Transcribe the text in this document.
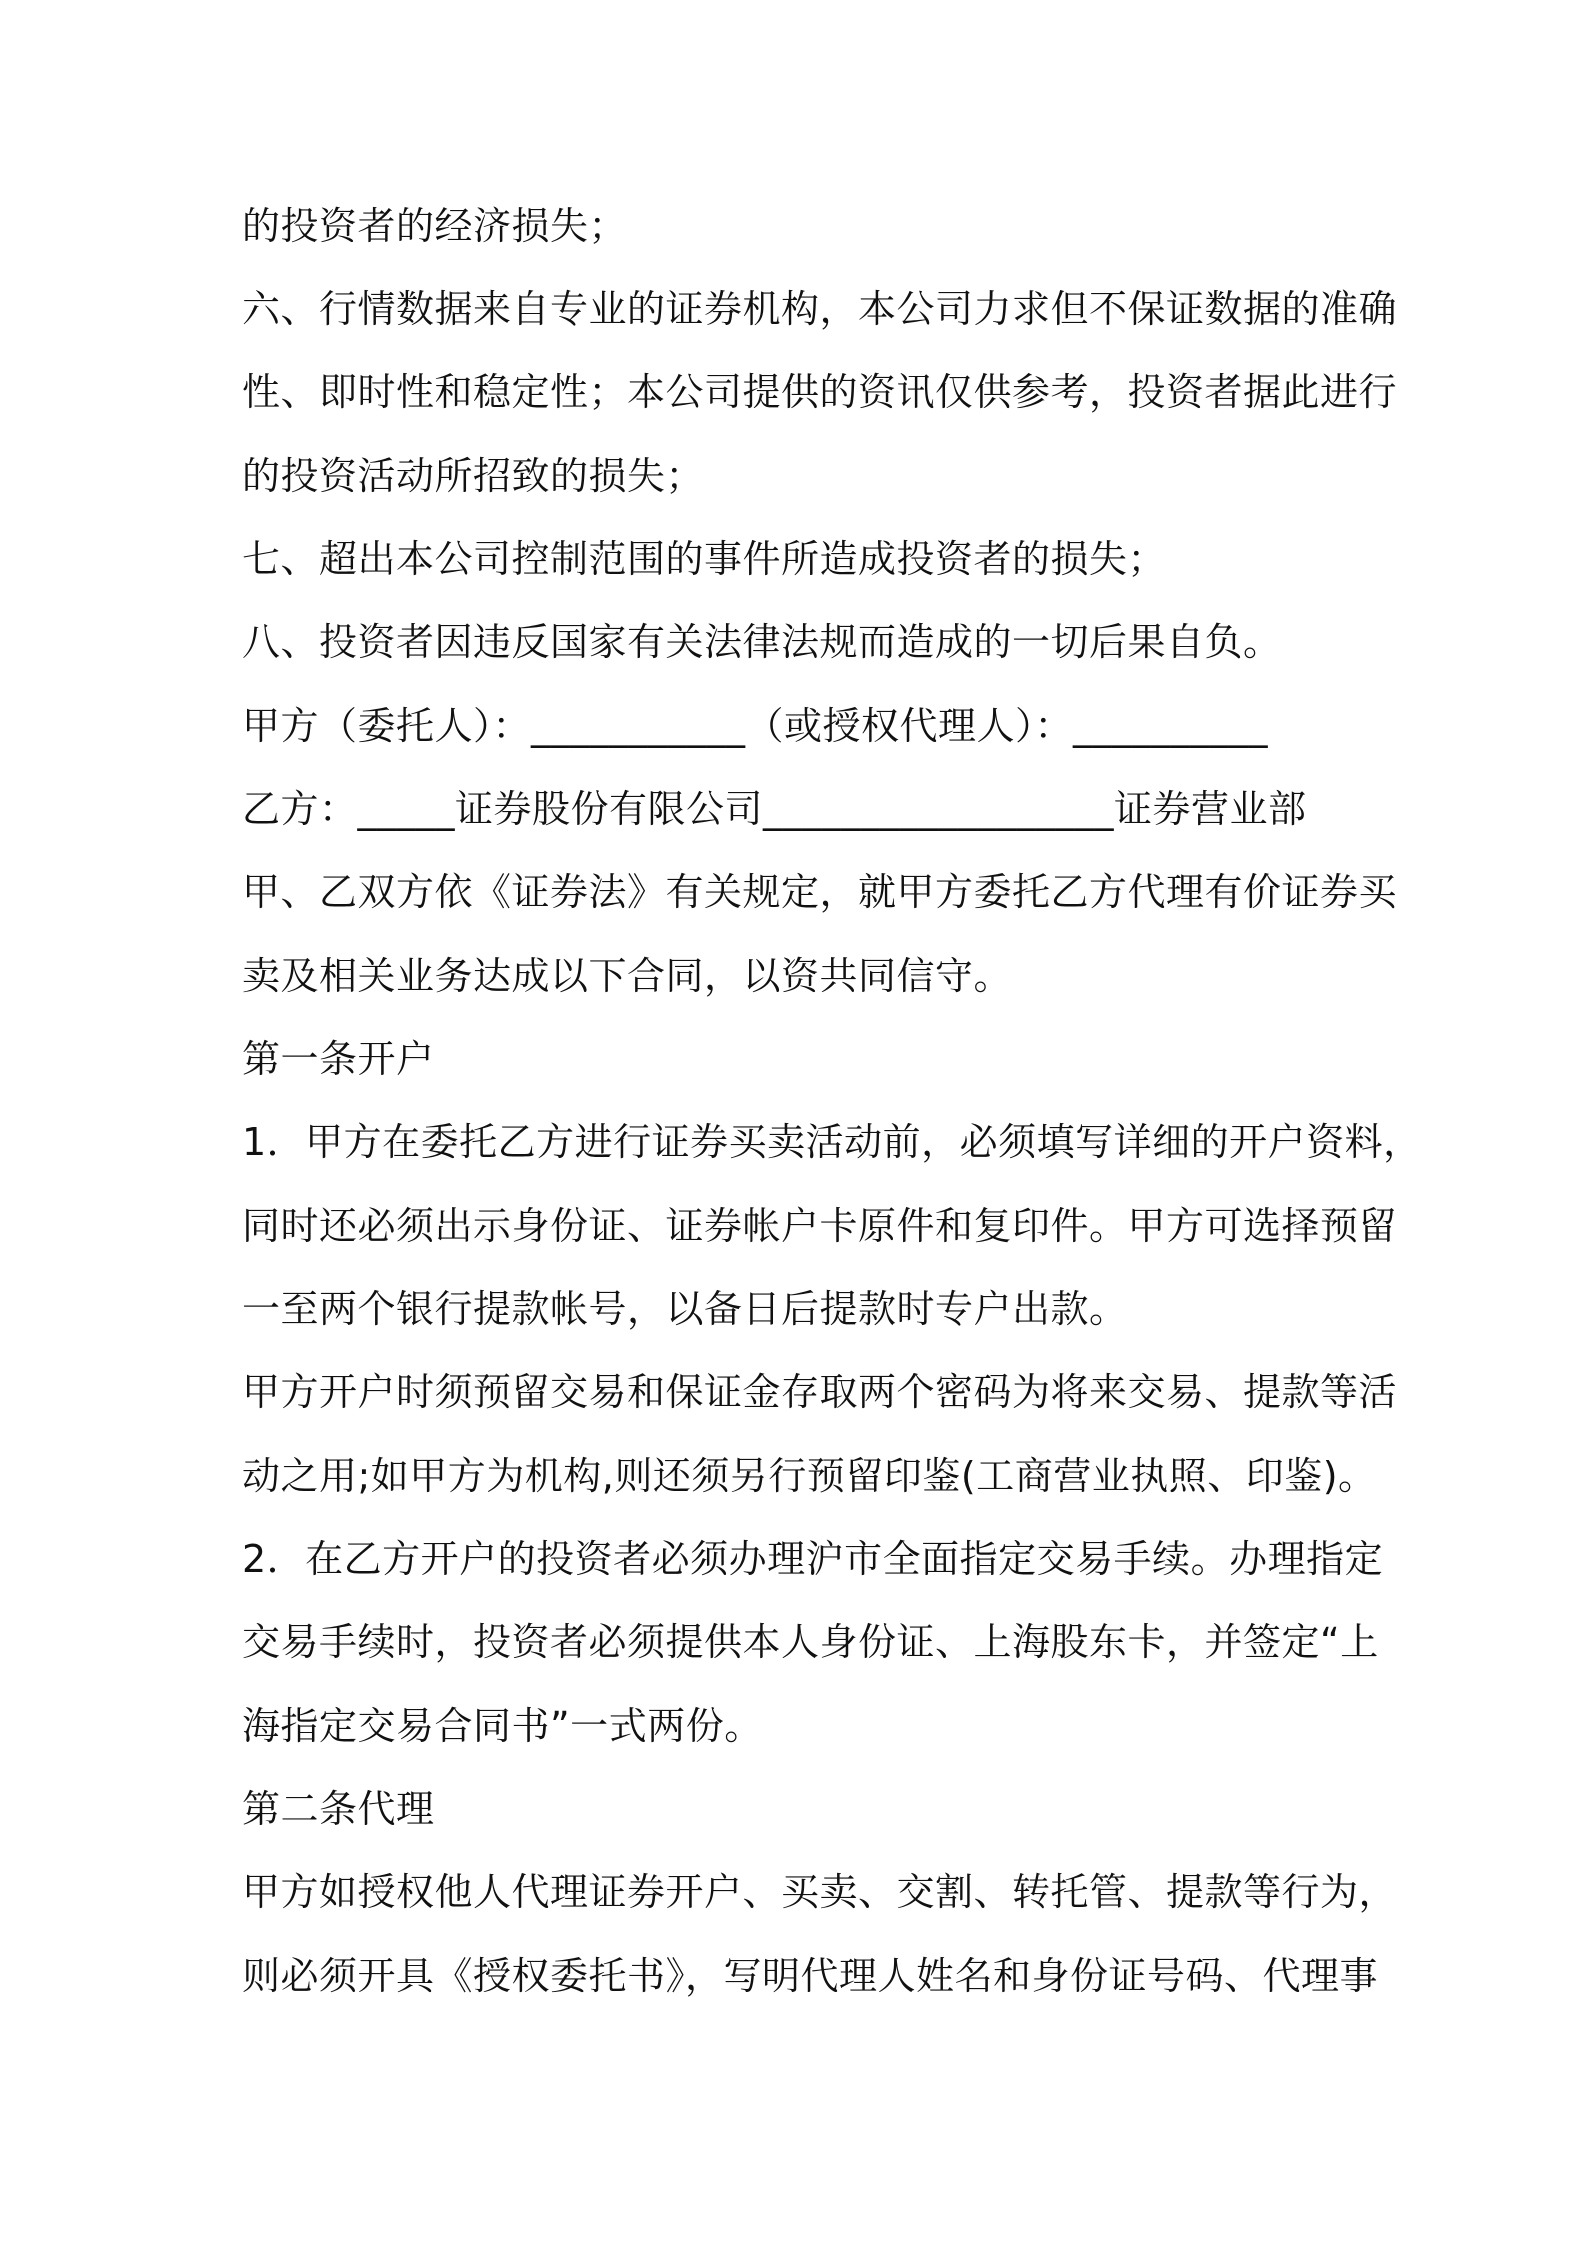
的投资者的经济损失；
六、行情数据来自专业的证券机构，本公司力求但不保证数据的准确
性、即时性和稳定性；本公司提供的资讯仅供参考，投资者据此进行
的投资活动所招致的损失；
七、超出本公司控制范围的事件所造成投资者的损失；
八、投资者因违反国家有关法律法规而造成的一切后果自负。
甲方（委托人）：___________（或授权代理人）：__________
乙方：_____证券股份有限公司__________________证券营业部
甲、乙双方依《证券法》有关规定，就甲方委托乙方代理有价证券买
卖及相关业务达成以下合同，以资共同信守。
第一条开户
1．甲方在委托乙方进行证券买卖活动前，必须填写详细的开户资料，
同时还必须出示身份证、证券帐户卡原件和复印件。甲方可选择预留
一至两个银行提款帐号，以备日后提款时专户出款。
甲方开户时须预留交易和保证金存取两个密码为将来交易、提款等活
动之用;如甲方为机构,则还须另行预留印鉴(工商营业执照、印鉴)。
2．在乙方开户的投资者必须办理沪市全面指定交易手续。办理指定
交易手续时，投资者必须提供本人身份证、上海股东卡，并签定“上
海指定交易合同书”一式两份。
第二条代理
甲方如授权他人代理证券开户、买卖、交割、转托管、提款等行为，
则必须开具《授权委托书》，写明代理人姓名和身份证号码、代理事
